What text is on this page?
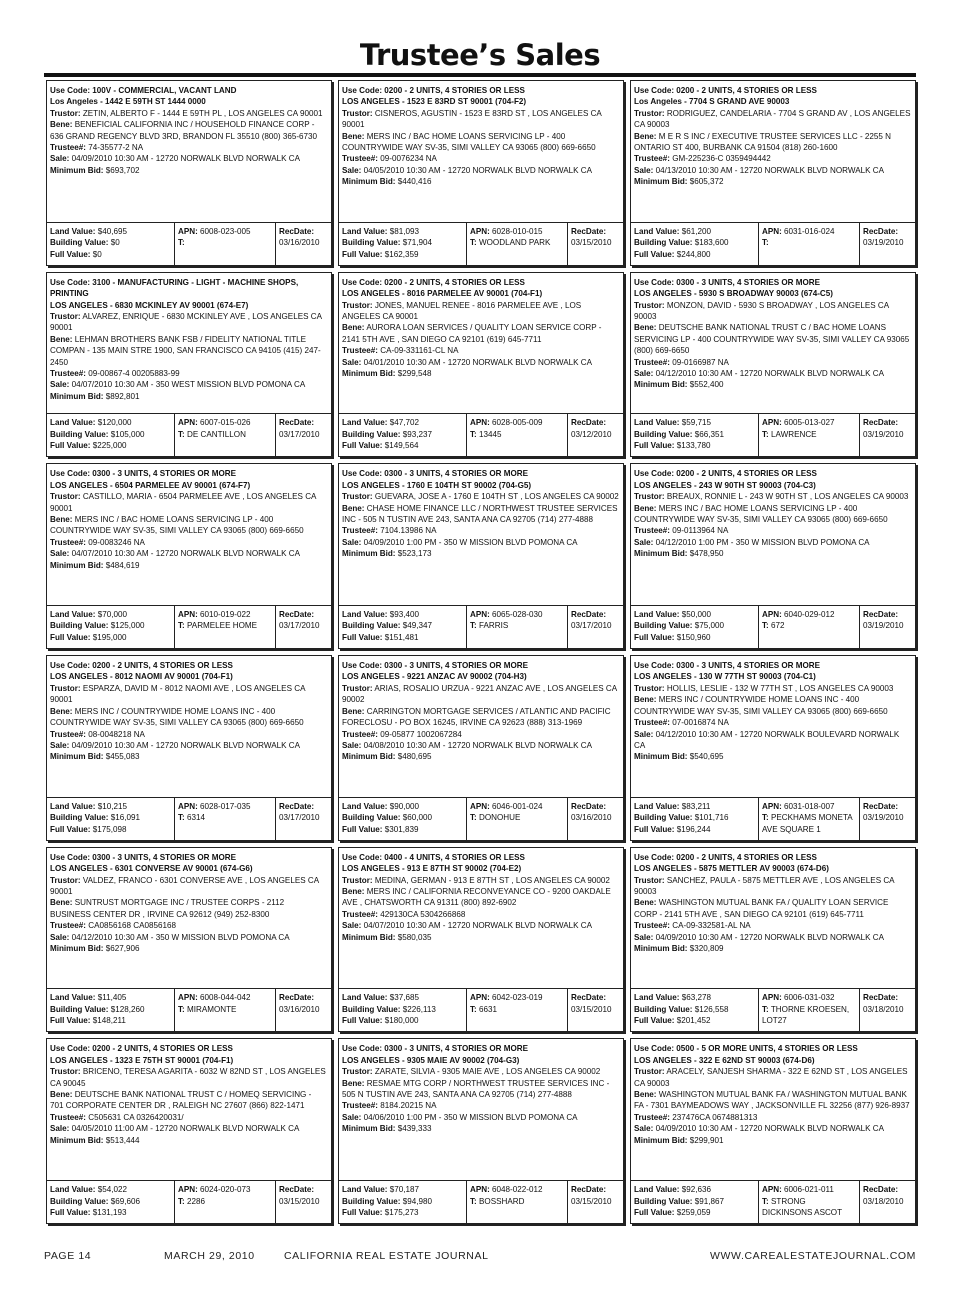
Trustee’s Sales
Use Code: 100V - COMMERCIAL, VACANT LAND
Los Angeles - 1442 E 59TH ST 1444 0000
Trustor: ZETIN, ALBERTO F - 1444 E 59TH PL , LOS ANGELES CA 90001
Bene: BENEFICIAL CALIFORNIA INC / HOUSEHOLD FINANCE CORP - 636 GRAND REGENCY BLVD 3RD, BRANDON FL 35510 (800) 365-6730
Trustee#: 74-35577-2 NA
Sale: 04/09/2010 10:30 AM - 12720 NORWALK BLVD NORWALK CA
Minimum Bid: $693,702
Land Value: $40,695
Building Value: $0
Full Value: $0
APN: 6008-023-005
T:
RecDate:
03/16/2010
Use Code: 0200 - 2 UNITS, 4 STORIES OR LESS
LOS ANGELES - 1523 E 83RD ST 90001 (704-F2)
Trustor: CISNEROS, AGUSTIN - 1523 E 83RD ST , LOS ANGELES CA 90001
Bene: MERS INC / BAC HOME LOANS SERVICING LP - 400 COUNTRYWIDE WAY SV-35, SIMI VALLEY CA 93065 (800) 669-6650
Trustee#: 09-0076234 NA
Sale: 04/05/2010 10:30 AM - 12720 NORWALK BLVD NORWALK CA
Minimum Bid: $440,416
Land Value: $81,093
Building Value: $71,904
Full Value: $162,359
APN: 6028-010-015
T: WOODLAND PARK
RecDate:
03/15/2010
Use Code: 0200 - 2 UNITS, 4 STORIES OR LESS
Los Angeles - 7704 S GRAND AVE 90003
Trustor: RODRIGUEZ, CANDELARIA - 7704 S GRAND AV , LOS ANGELES CA 90003
Bene: M E R S INC / EXECUTIVE TRUSTEE SERVICES LLC - 2255 N ONTARIO ST 400, BURBANK CA 91504 (818) 260-1600
Trustee#: GM-225236-C 0359494442
Sale: 04/13/2010 10:30 AM - 12720 NORWALK BLVD NORWALK CA
Minimum Bid: $605,372
Land Value: $61,200
Building Value: $183,600
Full Value: $244,800
APN: 6031-016-024
T:
RecDate:
03/19/2010
Use Code: 3100 - MANUFACTURING - LIGHT - MACHINE SHOPS, PRINTING
LOS ANGELES - 6830 MCKINLEY AV 90001 (674-E7)
Trustor: ALVAREZ, ENRIQUE - 6830 MCKINLEY AVE , LOS ANGELES CA 90001
Bene: LEHMAN BROTHERS BANK FSB / FIDELITY NATIONAL TITLE COMPAN - 135 MAIN STRE 1900, SAN FRANCISCO CA 94105 (415) 247-2450
Trustee#: 09-00867-4 00205883-99
Sale: 04/07/2010 10:30 AM - 350 WEST MISSION BLVD POMONA CA
Minimum Bid: $892,801
Land Value: $120,000
Building Value: $105,000
Full Value: $225,000
APN: 6007-015-026
T: DE CANTILLON
RecDate:
03/17/2010
Use Code: 0200 - 2 UNITS, 4 STORIES OR LESS
LOS ANGELES - 8016 PARMELEE AV 90001 (704-F1)
Trustor: JONES, MANUEL RENEE - 8016 PARMELEE AVE , LOS ANGELES CA 90001
Bene: AURORA LOAN SERVICES / QUALITY LOAN SERVICE CORP - 2141 5TH AVE , SAN DIEGO CA 92101 (619) 645-7711
Trustee#: CA-09-331161-CL NA
Sale: 04/01/2010 10:30 AM - 12720 NORWALK BLVD NORWALK CA
Minimum Bid: $299,548
Land Value: $47,702
Building Value: $93,237
Full Value: $149,564
APN: 6028-005-009
T: 13445
RecDate:
03/12/2010
Use Code: 0300 - 3 UNITS, 4 STORIES OR MORE
LOS ANGELES - 5930 S BROADWAY 90003 (674-C5)
Trustor: MONZON, DAVID - 5930 S BROADWAY , LOS ANGELES CA 90003
Bene: DEUTSCHE BANK NATIONAL TRUST C / BAC HOME LOANS SERVICING LP - 400 COUNTRYWIDE WAY SV-35, SIMI VALLEY CA 93065 (800) 669-6650
Trustee#: 09-0166987 NA
Sale: 04/12/2010 10:30 AM - 12720 NORWALK BLVD NORWALK CA
Minimum Bid: $552,400
Land Value: $59,715
Building Value: $66,351
Full Value: $133,780
APN: 6005-013-027
T: LAWRENCE
RecDate:
03/19/2010
Use Code: 0300 - 3 UNITS, 4 STORIES OR MORE
LOS ANGELES - 6504 PARMELEE AV 90001 (674-F7)
Trustor: CASTILLO, MARIA - 6504 PARMELEE AVE , LOS ANGELES CA 90001
Bene: MERS INC / BAC HOME LOANS SERVICING LP - 400 COUNTRYWIDE WAY SV-35, SIMI VALLEY CA 93065 (800) 669-6650
Trustee#: 09-0083246 NA
Sale: 04/07/2010 10:30 AM - 12720 NORWALK BLVD NORWALK CA
Minimum Bid: $484,619
Land Value: $70,000
Building Value: $125,000
Full Value: $195,000
APN: 6010-019-022
T: PARMELEE HOME
RecDate:
03/17/2010
Use Code: 0300 - 3 UNITS, 4 STORIES OR MORE
LOS ANGELES - 1760 E 104TH ST 90002 (704-G5)
Trustor: GUEVARA, JOSE A - 1760 E 104TH ST , LOS ANGELES CA 90002
Bene: CHASE HOME FINANCE LLC / NORTHWEST TRUSTEE SERVICES INC - 505 N TUSTIN AVE 243, SANTA ANA CA 92705 (714) 277-4888
Trustee#: 7104.13986 NA
Sale: 04/09/2010 1:00 PM - 350 W MISSION BLVD POMONA CA
Minimum Bid: $523,173
Land Value: $93,400
Building Value: $49,347
Full Value: $151,481
APN: 6065-028-030
T: FARRIS
RecDate:
03/17/2010
Use Code: 0200 - 2 UNITS, 4 STORIES OR LESS
LOS ANGELES - 243 W 90TH ST 90003 (704-C3)
Trustor: BREAUX, RONNIE L - 243 W 90TH ST , LOS ANGELES CA 90003
Bene: MERS INC / BAC HOME LOANS SERVICING LP - 400 COUNTRYWIDE WAY SV-35, SIMI VALLEY CA 93065 (800) 669-6650
Trustee#: 09-0113964 NA
Sale: 04/12/2010 1:00 PM - 350 W MISSION BLVD POMONA CA
Minimum Bid: $478,950
Land Value: $50,000
Building Value: $75,000
Full Value: $150,960
APN: 6040-029-012
T: 672
RecDate:
03/19/2010
Use Code: 0200 - 2 UNITS, 4 STORIES OR LESS
LOS ANGELES - 8012 NAOMI AV 90001 (704-F1)
Trustor: ESPARZA, DAVID M - 8012 NAOMI AVE , LOS ANGELES CA 90001
Bene: MERS INC / COUNTRYWIDE HOME LOANS INC - 400 COUNTRYWIDE WAY SV-35, SIMI VALLEY CA 93065 (800) 669-6650
Trustee#: 08-0048218 NA
Sale: 04/09/2010 10:30 AM - 12720 NORWALK BLVD NORWALK CA
Minimum Bid: $455,083
Land Value: $10,215
Building Value: $16,091
Full Value: $175,098
APN: 6028-017-035
T: 6314
RecDate:
03/17/2010
Use Code: 0300 - 3 UNITS, 4 STORIES OR MORE
LOS ANGELES - 9221 ANZAC AV 90002 (704-H3)
Trustor: ARIAS, ROSALIO URZUA - 9221 ANZAC AVE , LOS ANGELES CA 90002
Bene: CARRINGTON MORTGAGE SERVICES / ATLANTIC AND PACIFIC FORECLOSU - PO BOX 16245, IRVINE CA 92623 (888) 313-1969
Trustee#: 09-05877 1002067284
Sale: 04/08/2010 10:30 AM - 12720 NORWALK BLVD NORWALK CA
Minimum Bid: $480,695
Land Value: $90,000
Building Value: $60,000
Full Value: $301,839
APN: 6046-001-024
T: DONOHUE
RecDate:
03/16/2010
Use Code: 0300 - 3 UNITS, 4 STORIES OR MORE
LOS ANGELES - 130 W 77TH ST 90003 (704-C1)
Trustor: HOLLIS, LESLIE - 132 W 77TH ST , LOS ANGELES CA 90003
Bene: MERS INC / COUNTRYWIDE HOME LOANS INC - 400 COUNTRYWIDE WAY SV-35, SIMI VALLEY CA 93065 (800) 669-6650
Trustee#: 07-0016874 NA
Sale: 04/12/2010 10:30 AM - 12720 NORWALK BOULEVARD NORWALK CA
Minimum Bid: $540,695
Land Value: $83,211
Building Value: $101,716
Full Value: $196,244
APN: 6031-018-007
T: PECKHAMS MONETA AVE SQUARE 1
RecDate:
03/19/2010
Use Code: 0300 - 3 UNITS, 4 STORIES OR MORE
LOS ANGELES - 6301 CONVERSE AV 90001 (674-G6)
Trustor: VALDEZ, FRANCO - 6301 CONVERSE AVE , LOS ANGELES CA 90001
Bene: SUNTRUST MORTGAGE INC / TRUSTEE CORPS - 2112 BUSINESS CENTER DR , IRVINE CA 92612 (949) 252-8300
Trustee#: CA0856168 CA0856168
Sale: 04/12/2010 10:30 AM - 350 W MISSION BLVD POMONA CA
Minimum Bid: $627,906
Land Value: $11,405
Building Value: $128,260
Full Value: $148,211
APN: 6008-044-042
T: MIRAMONTE
RecDate:
03/16/2010
Use Code: 0400 - 4 UNITS, 4 STORIES OR LESS
LOS ANGELES - 913 E 87TH ST 90002 (704-E2)
Trustor: MEDINA, GERMAN - 913 E 87TH ST , LOS ANGELES CA 90002
Bene: MERS INC / CALIFORNIA RECONVEYANCE CO - 9200 OAKDALE AVE , CHATSWORTH CA 91311 (800) 892-6902
Trustee#: 429130CA 5304266868
Sale: 04/07/2010 10:30 AM - 12720 NORWALK BLVD NORWALK CA
Minimum Bid: $580,035
Land Value: $37,685
Building Value: $226,113
Full Value: $180,000
APN: 6042-023-019
T: 6631
RecDate:
03/15/2010
Use Code: 0200 - 2 UNITS, 4 STORIES OR LESS
LOS ANGELES - 5875 METTLER AV 90003 (674-D6)
Trustor: SANCHEZ, PAULA - 5875 METTLER AVE , LOS ANGELES CA 90003
Bene: WASHINGTON MUTUAL BANK FA / QUALITY LOAN SERVICE CORP - 2141 5TH AVE , SAN DIEGO CA 92101 (619) 645-7711
Trustee#: CA-09-332581-AL NA
Sale: 04/09/2010 10:30 AM - 12720 NORWALK BLVD NORWALK CA
Minimum Bid: $320,809
Land Value: $63,278
Building Value: $126,558
Full Value: $201,452
APN: 6006-031-032
T: THORNE KROESEN, LOT27
RecDate:
03/18/2010
Use Code: 0200 - 2 UNITS, 4 STORIES OR LESS
LOS ANGELES - 1323 E 75TH ST 90001 (704-F1)
Trustor: BRICENO, TERESA AGARITA - 6032 W 82ND ST , LOS ANGELES CA 90045
Bene: DEUTSCHE BANK NATIONAL TRUST C / HOMEQ SERVICING - 701 CORPORATE CENTER DR , RALEIGH NC 27607 (866) 822-1471
Trustee#: C505631 CA 0326420031/
Sale: 04/05/2010 11:00 AM - 12720 NORWALK BLVD NORWALK CA
Minimum Bid: $513,444
Land Value: $54,022
Building Value: $69,606
Full Value: $131,193
APN: 6024-020-073
T: 2286
RecDate:
03/15/2010
Use Code: 0300 - 3 UNITS, 4 STORIES OR MORE
LOS ANGELES - 9305 MAIE AV 90002 (704-G3)
Trustor: ZARATE, SILVIA - 9305 MAIE AVE , LOS ANGELES CA 90002
Bene: RESMAE MTG CORP / NORTHWEST TRUSTEE SERVICES INC - 505 N TUSTIN AVE 243, SANTA ANA CA 92705 (714) 277-4888
Trustee#: 8184.20215 NA
Sale: 04/06/2010 1:00 PM - 350 W MISSION BLVD POMONA CA
Minimum Bid: $439,333
Land Value: $70,187
Building Value: $94,980
Full Value: $175,273
APN: 6048-022-012
T: BOSSHARD
RecDate:
03/15/2010
Use Code: 0500 - 5 OR MORE UNITS, 4 STORIES OR LESS
LOS ANGELES - 322 E 62ND ST 90003 (674-D6)
Trustor: ARACELY, SANJESH SHARMA - 322 E 62ND ST , LOS ANGELES CA 90003
Bene: WASHINGTON MUTUAL BANK FA / WASHINGTON MUTUAL BANK FA - 7301 BAYMEADOWS WAY , JACKSONVILLE FL 32256 (877) 926-8937
Trustee#: 237476CA 0674881313
Sale: 04/09/2010 10:30 AM - 12720 NORWALK BLVD NORWALK CA
Minimum Bid: $299,901
Land Value: $92,636
Building Value: $91,867
Full Value: $259,059
APN: 6006-021-011
T: STRONG DICKINSONS ASCOT
RecDate:
03/18/2010
PAGE 14	MARCH 29, 2010	CALIFORNIA REAL ESTATE JOURNAL	WWW.CAREALESTATEJOURNAL.COM
